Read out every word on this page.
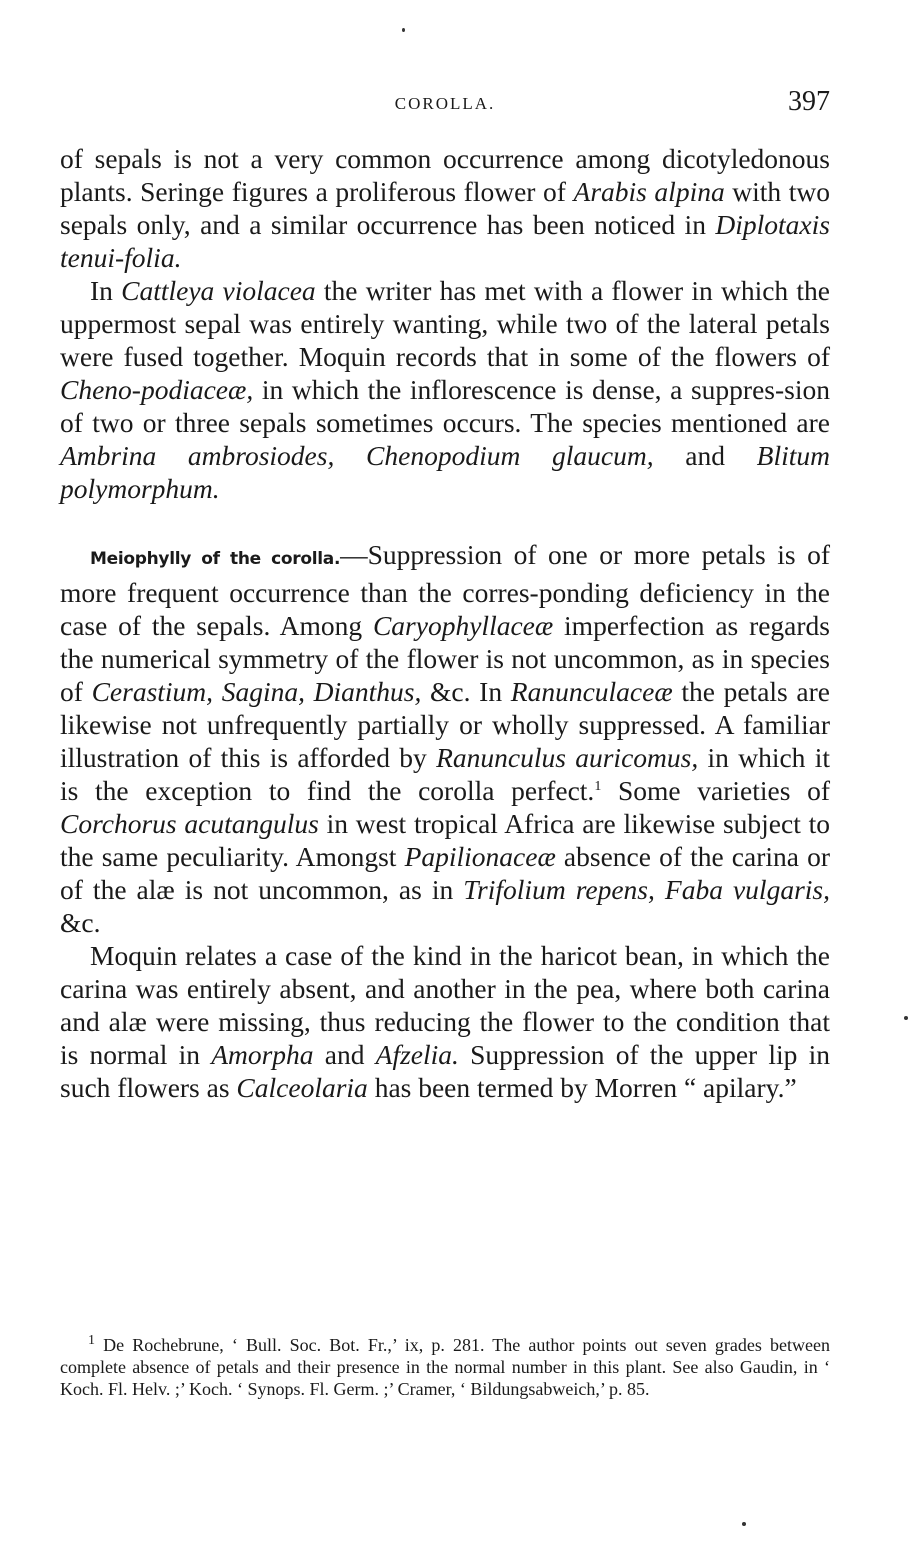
COROLLA.	397

of sepals is not a very common occurrence among dicotyledonous plants. Seringe figures a proliferous flower of Arabis alpina with two sepals only, and a similar occurrence has been noticed in Diplotaxis tenui-folia.

In Cattleya violacea the writer has met with a flower in which the uppermost sepal was entirely wanting, while two of the lateral petals were fused together. Moquin records that in some of the flowers of Cheno-podiaceæ, in which the inflorescence is dense, a suppres-sion of two or three sepals sometimes occurs. The species mentioned are Ambrina ambrosiodes, Chenopodium glaucum, and Blitum polymorphum.

Meiophylly of the corolla.—Suppression of one or more petals is of more frequent occurrence than the corres-ponding deficiency in the case of the sepals. Among Caryophyllaceæ imperfection as regards the numerical symmetry of the flower is not uncommon, as in species of Cerastium, Sagina, Dianthus, &c. In Ranunculaceæ the petals are likewise not unfrequently partially or wholly suppressed. A familiar illustration of this is afforded by Ranunculus auricomus, in which it is the exception to find the corolla perfect.$^1$ Some varieties of Corchorus acutangulus in west tropical Africa are likewise subject to the same peculiarity. Amongst Papilionaceæ absence of the carina or of the alæ is not uncommon, as in Trifolium repens, Faba vulgaris, &c.

Moquin relates a case of the kind in the haricot bean, in which the carina was entirely absent, and another in the pea, where both carina and alæ were missing, thus reducing the flower to the condition that is normal in Amorpha and Afzelia. Suppression of the upper lip in such flowers as Calceolaria has been termed by Morren “ apilary.”

$^1$ De Rochebrune, ‘ Bull. Soc. Bot. Fr.,’ ix, p. 281. The author points out seven grades between complete absence of petals and their presence in the normal number in this plant. See also Gaudin, in ‘ Koch. Fl. Helv. ;’ Koch. ‘ Synops. Fl. Germ. ;’ Cramer, ‘ Bildungsabweich,’ p. 85.
